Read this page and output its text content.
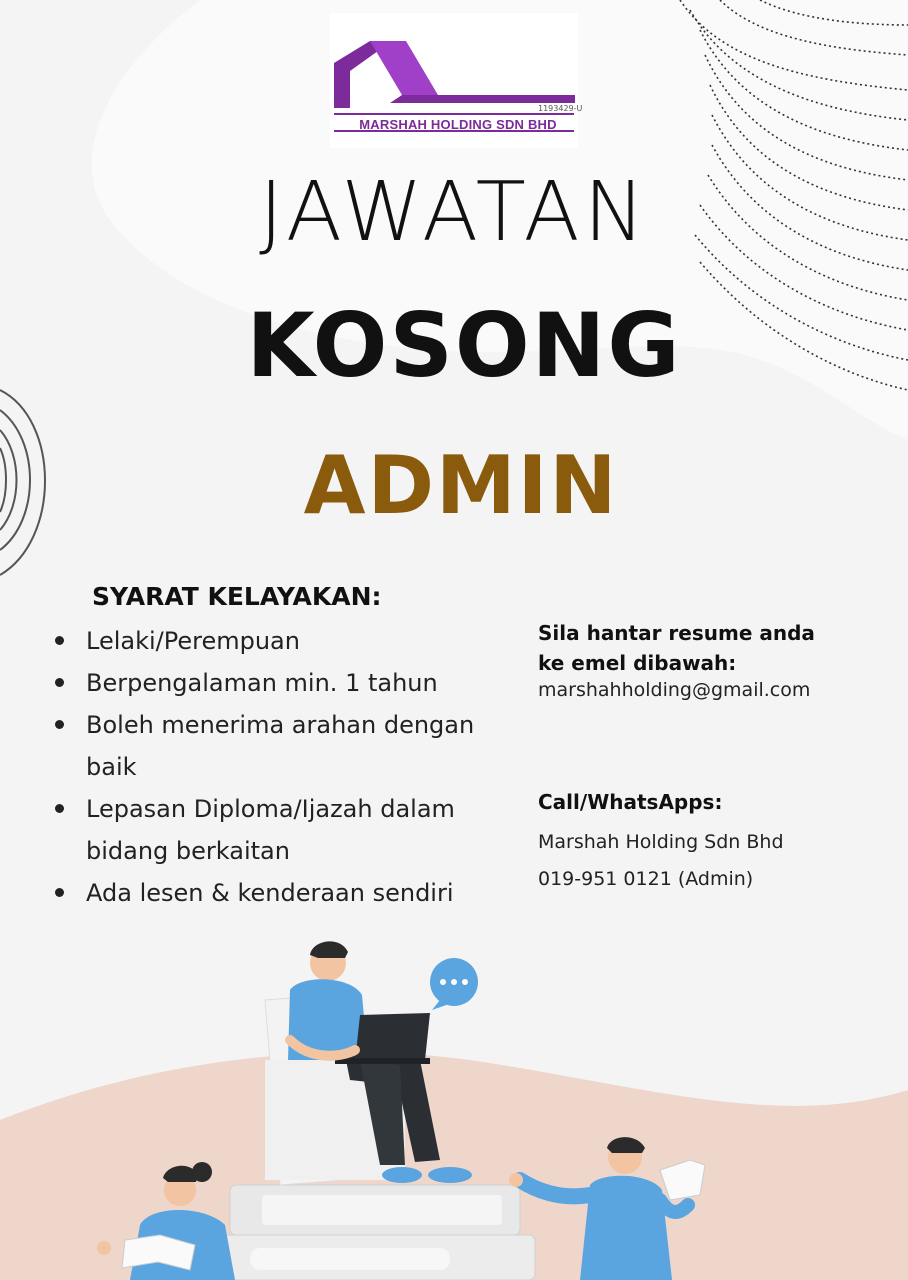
MARSHAH HOLDING SDN BHD
1193429-U
JAWATAN
KOSONG
ADMIN
SYARAT KELAYAKAN:
Lelaki/Perempuan
Berpengalaman min. 1 tahun
Boleh menerima arahan dengan baik
Lepasan Diploma/Ijazah dalam bidang berkaitan
Ada lesen & kenderaan sendiri
Sila hantar resume anda
ke emel dibawah:
marshahholding@gmail.com
Call/WhatsApps:
Marshah Holding Sdn Bhd
019-951 0121 (Admin)
